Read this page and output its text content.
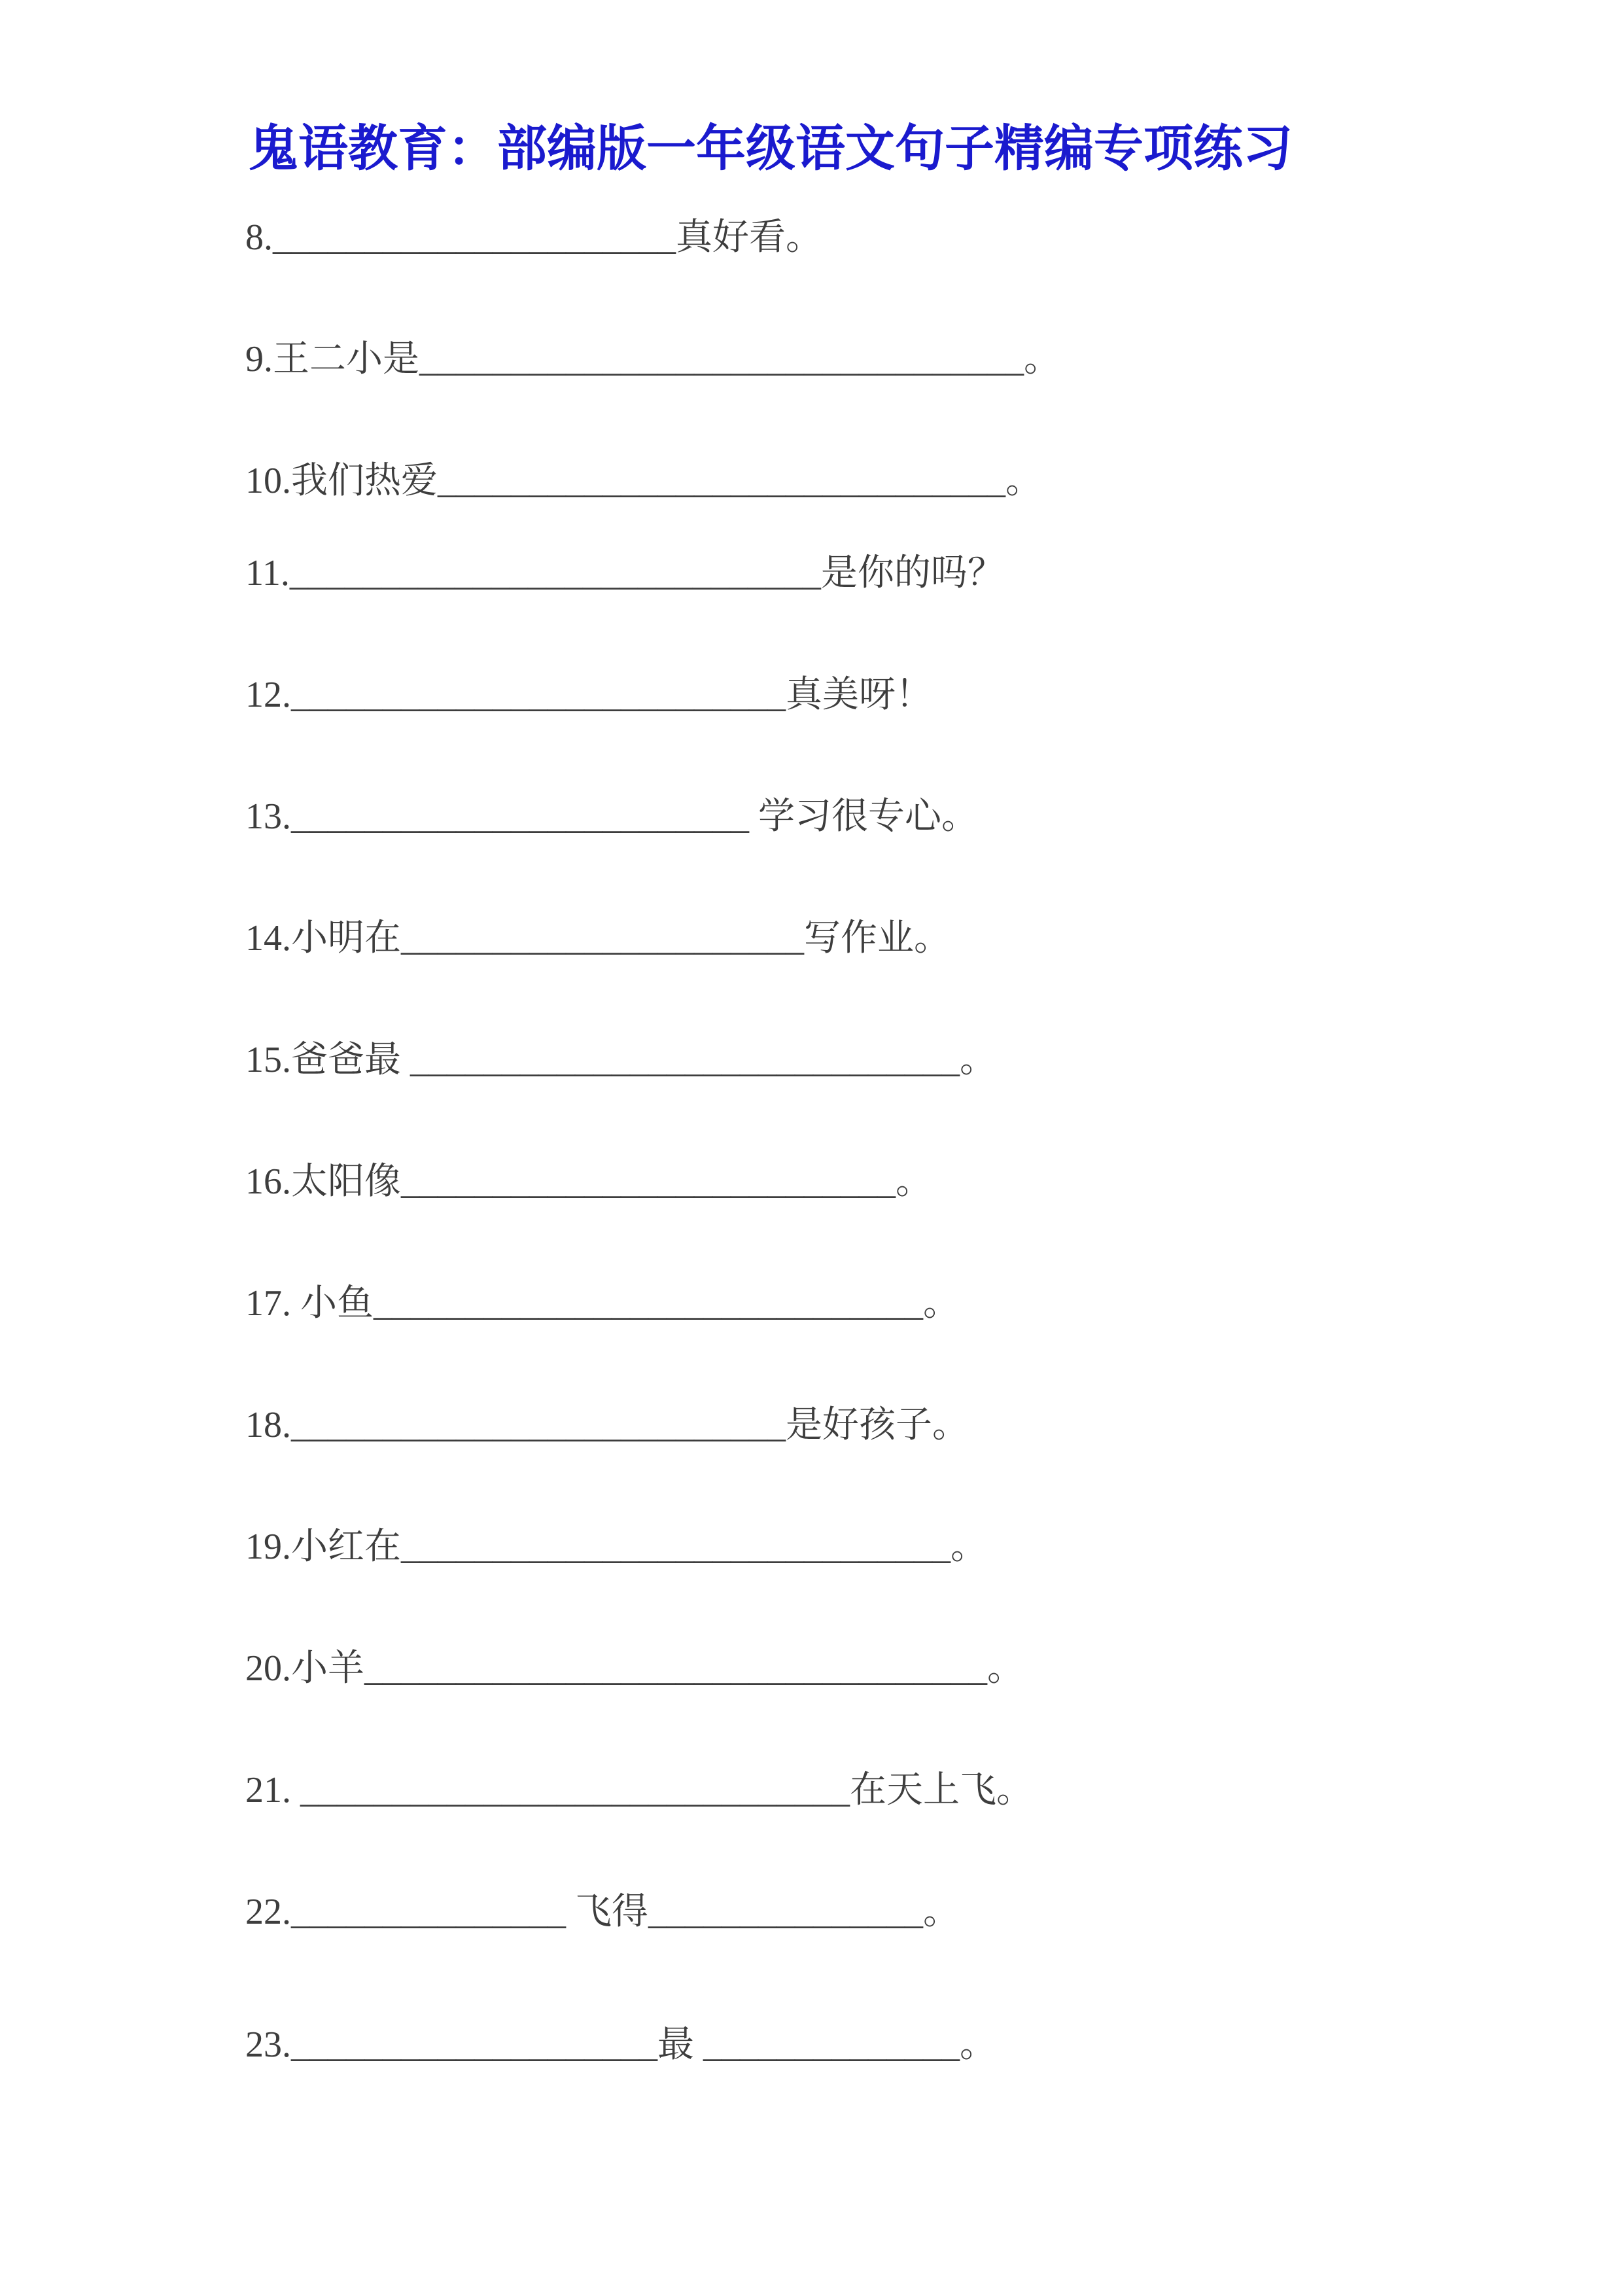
鬼语教育：部编版一年级语文句子精编专项练习
8.______________________真好看。
9.王二小是_________________________________。
10.我们热爱_______________________________。
11._____________________________是你的吗？
12.___________________________真美呀！
13._________________________ 学习很专心。
14.小明在______________________写作业。
15.爸爸最 ______________________________。
16.太阳像___________________________。
17. 小鱼______________________________。
18.___________________________是好孩子。
19.小红在______________________________。
20.小羊__________________________________。
21. ______________________________在天上飞。
22._______________ 飞得_______________。
23.____________________最 ______________。
